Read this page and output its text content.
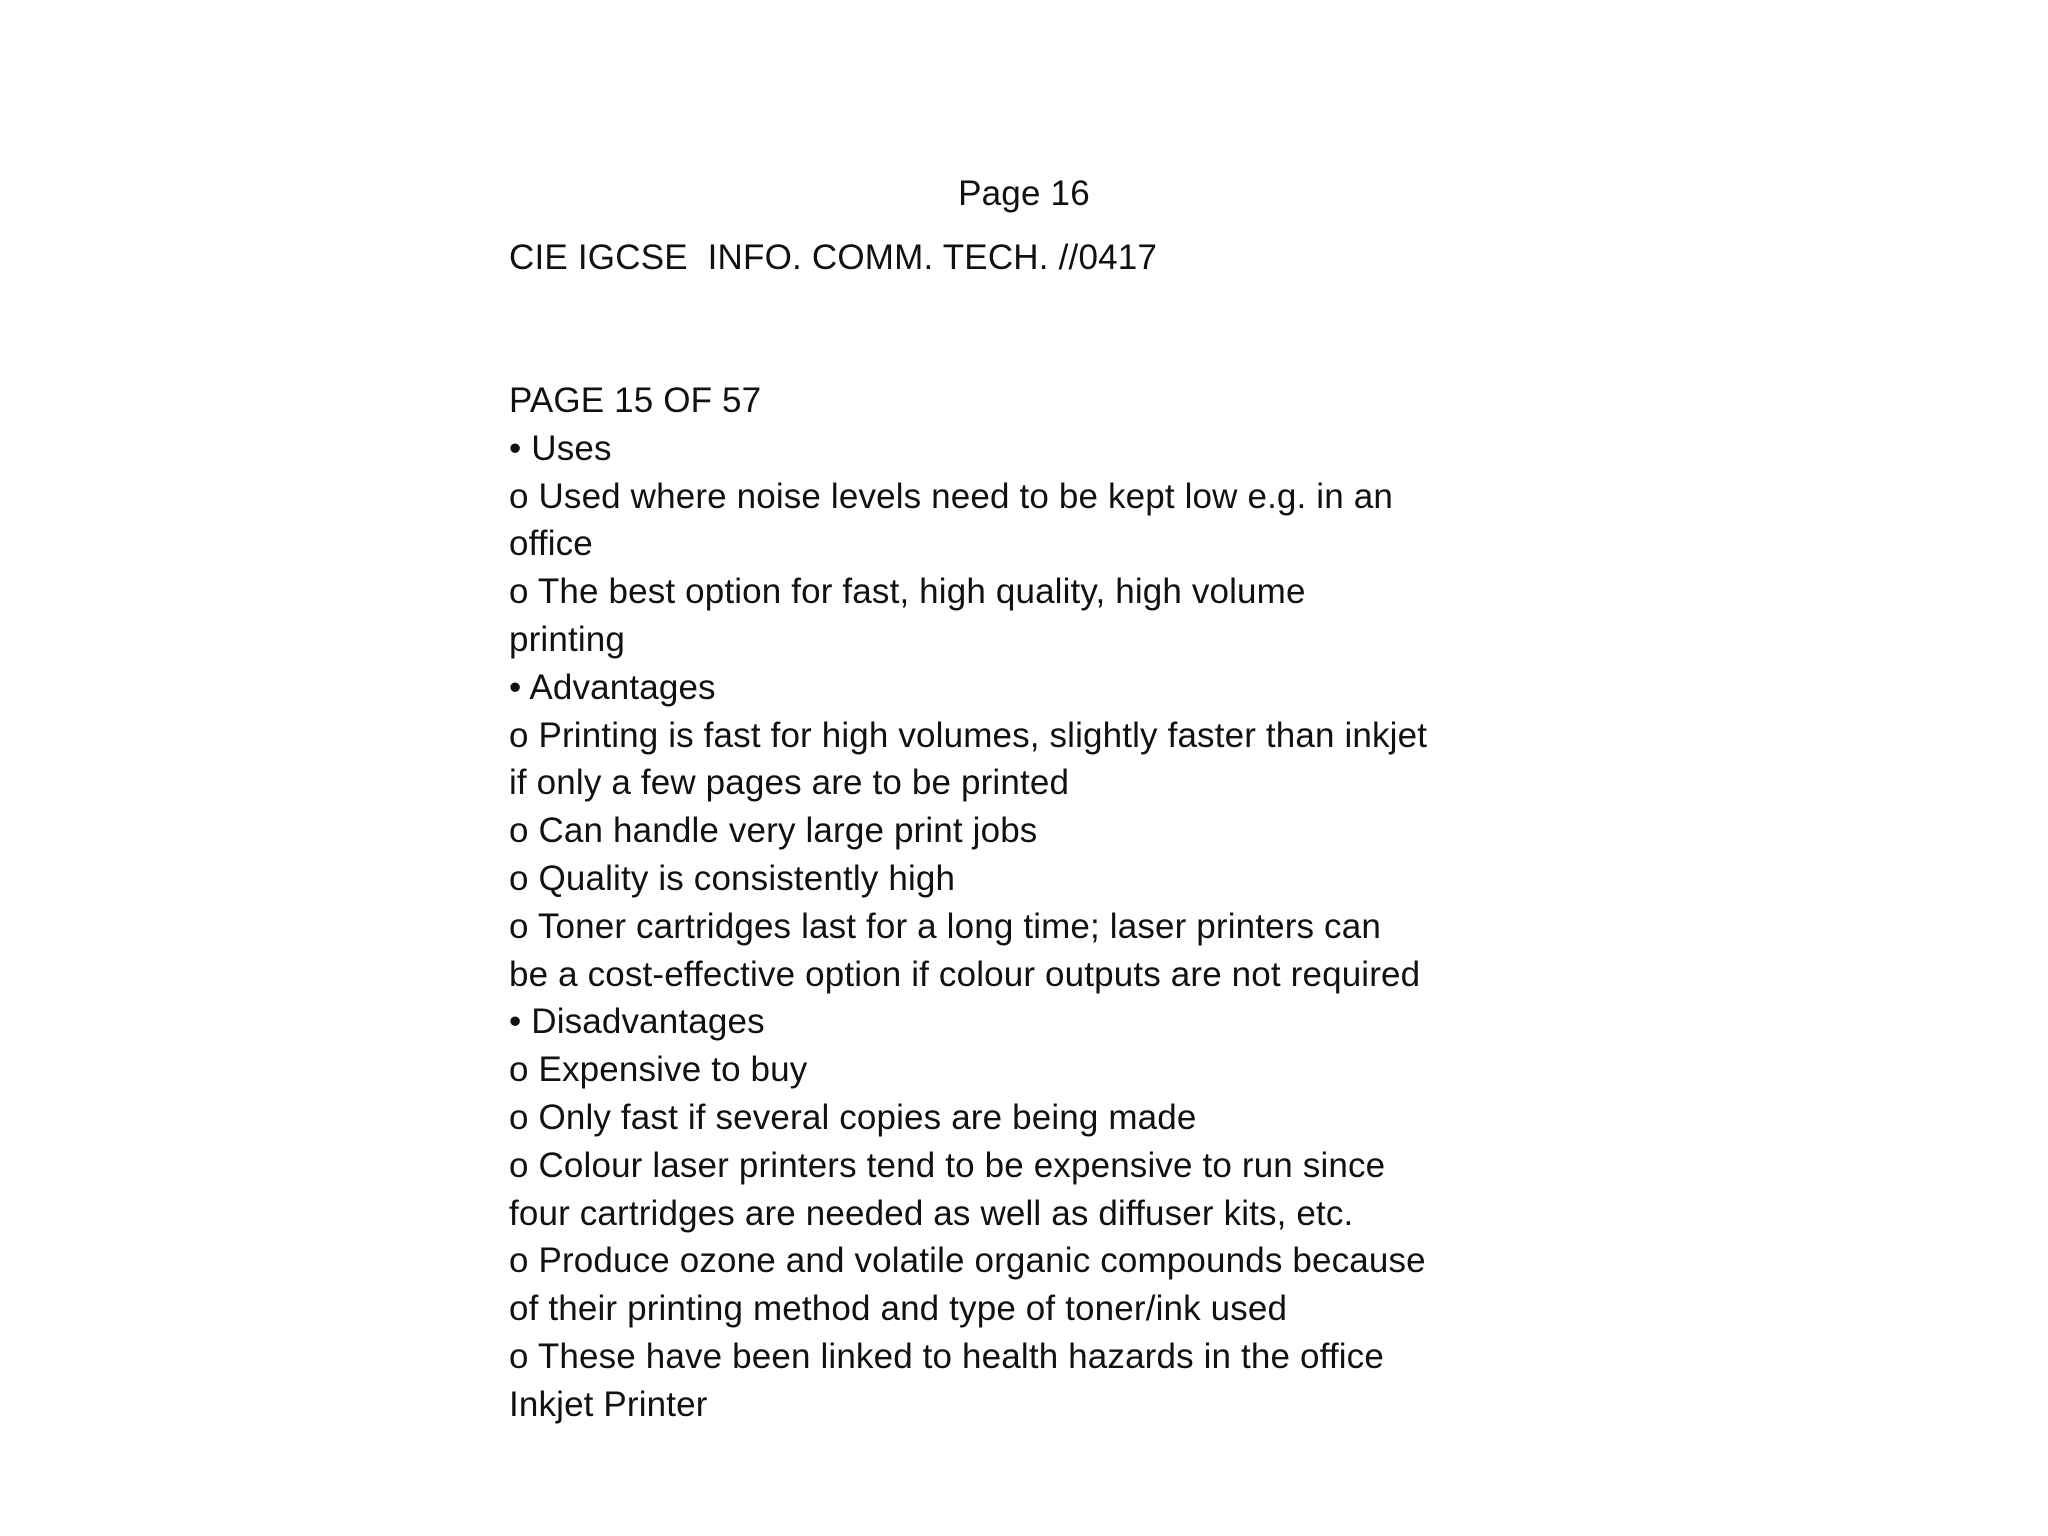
Page 16
CIE IGCSE  INFO. COMM. TECH. //0417
PAGE 15 OF 57
• Uses
o Used where noise levels need to be kept low e.g. in an office
o The best option for fast, high quality, high volume printing
• Advantages
o Printing is fast for high volumes, slightly faster than inkjet if only a few pages are to be printed
o Can handle very large print jobs
o Quality is consistently high
o Toner cartridges last for a long time; laser printers can be a cost-effective option if colour outputs are not required
• Disadvantages
o Expensive to buy
o Only fast if several copies are being made
o Colour laser printers tend to be expensive to run since four cartridges are needed as well as diffuser kits, etc.
o Produce ozone and volatile organic compounds because of their printing method and type of toner/ink used
o These have been linked to health hazards in the office
Inkjet Printer
